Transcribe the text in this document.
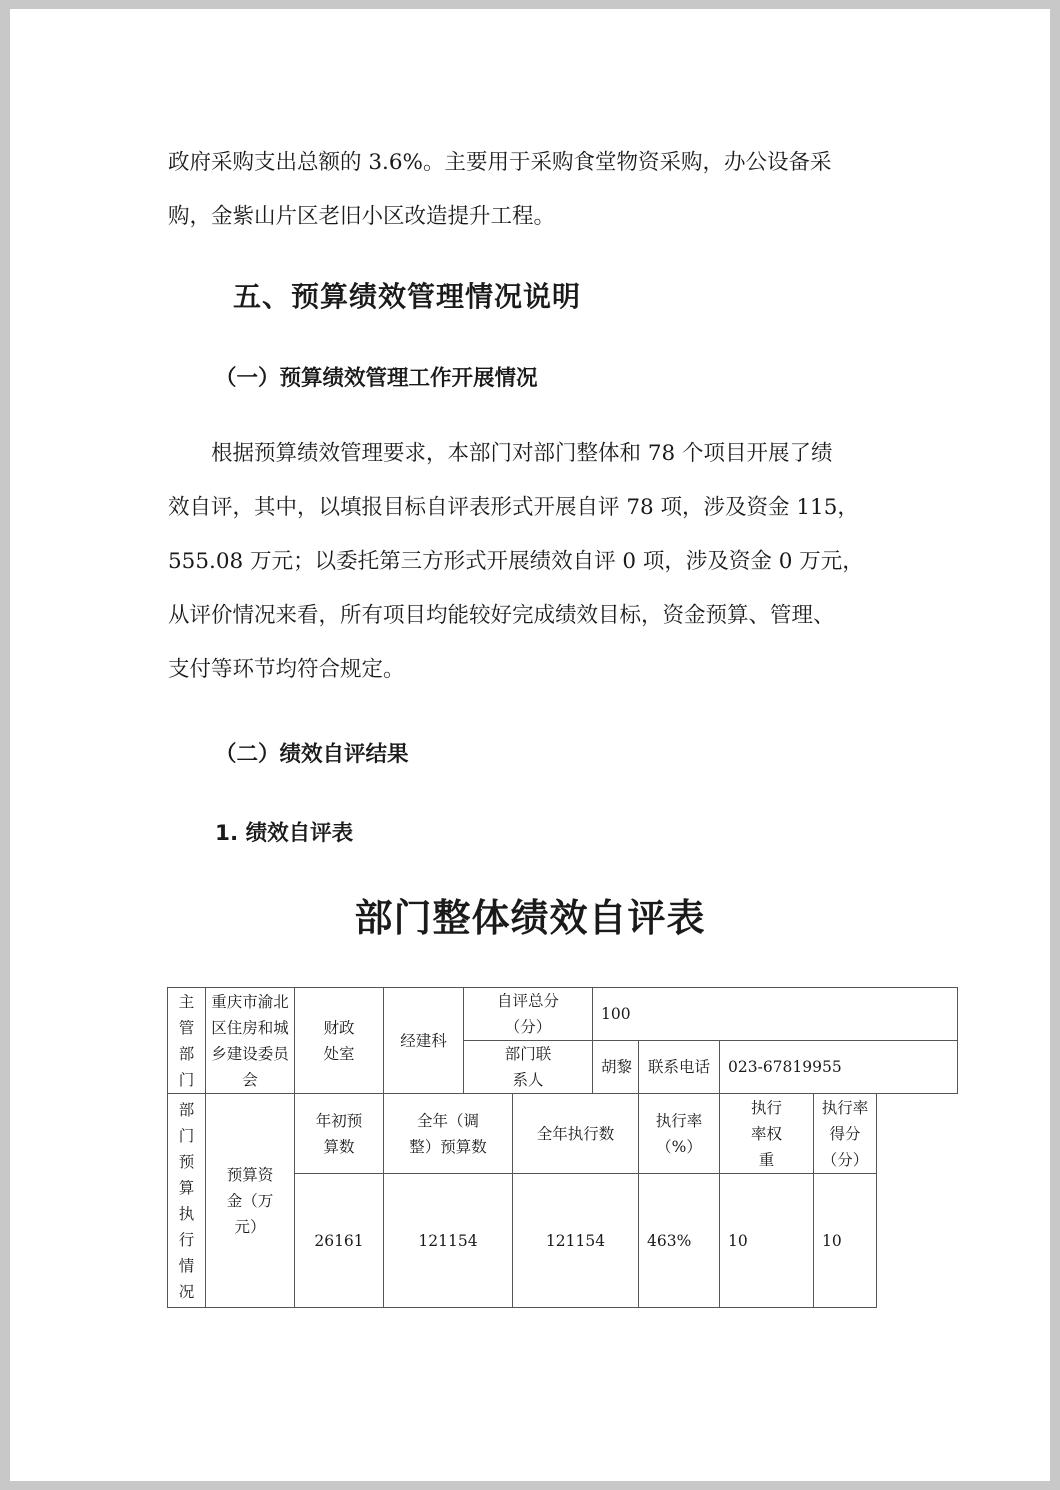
政府采购支出总额的 3.6%。主要用于采购食堂物资采购，办公设备采
购，金紫山片区老旧小区改造提升工程。

五、预算绩效管理情况说明
（一）预算绩效管理工作开展情况

根据预算绩效管理要求，本部门对部门整体和 78 个项目开展了绩
效自评，其中，以填报目标自评表形式开展自评 78 项，涉及资金 115，
555.08 万元；以委托第三方形式开展绩效自评 0 项，涉及资金 0 万元，
从评价情况来看，所有项目均能较好完成绩效目标，资金预算、管理、
支付等环节均符合规定。

（二）绩效自评结果
1. 绩效自评表
部门整体绩效自评表
主管部门	重庆市渝北区住房和城乡建设委员会	财政处室	经建科	自评总分（分）		100			

				部门联系人		胡黎	联系电话	023-67819955	

部门预算执行情况	预算资金（万元）	年初预算数	全年（调整）预算数		全年执行数		执行率（%）	执行率权重	执行率得分（分）

		26161	121154		121154		463%	10	10
